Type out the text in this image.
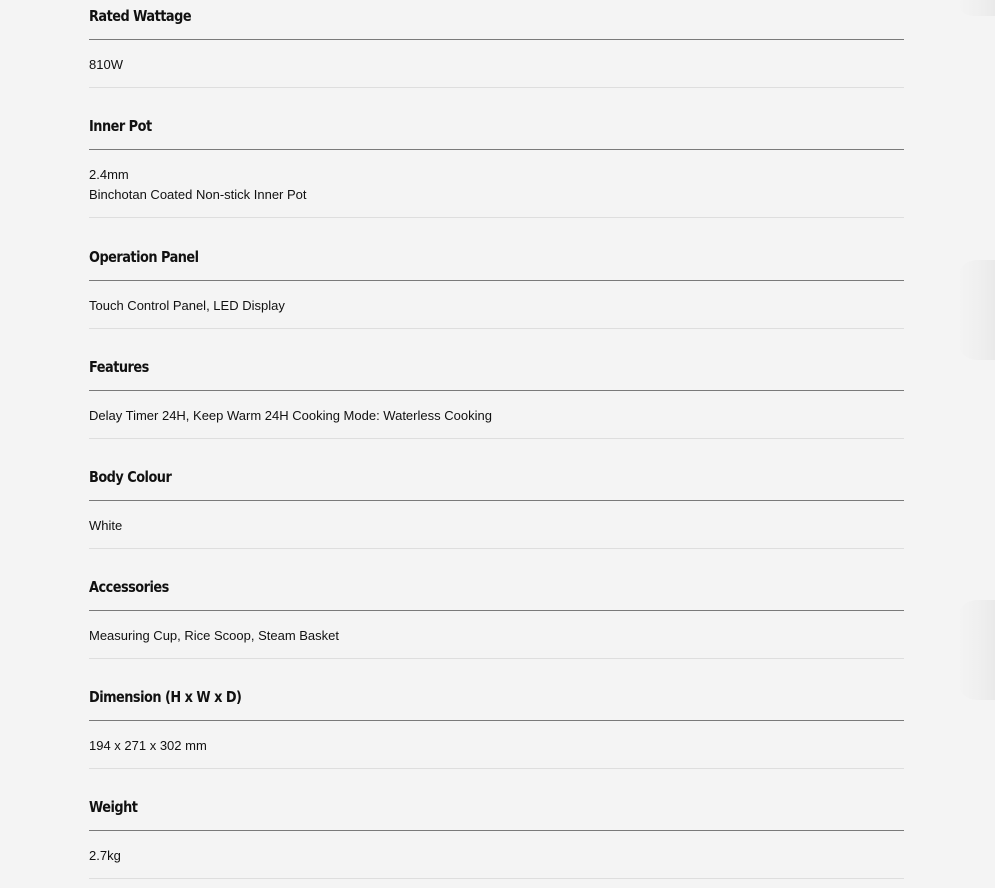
Rated Wattage

810W

Inner Pot

2.4mm
Binchotan Coated Non-stick Inner Pot

Operation Panel

Touch Control Panel, LED Display

Features

Delay Timer 24H, Keep Warm 24H Cooking Mode: Waterless Cooking

Body Colour

White

Accessories

Measuring Cup, Rice Scoop, Steam Basket

Dimension (H x W x D)

194 x 271 x 302 mm

Weight

2.7kg
